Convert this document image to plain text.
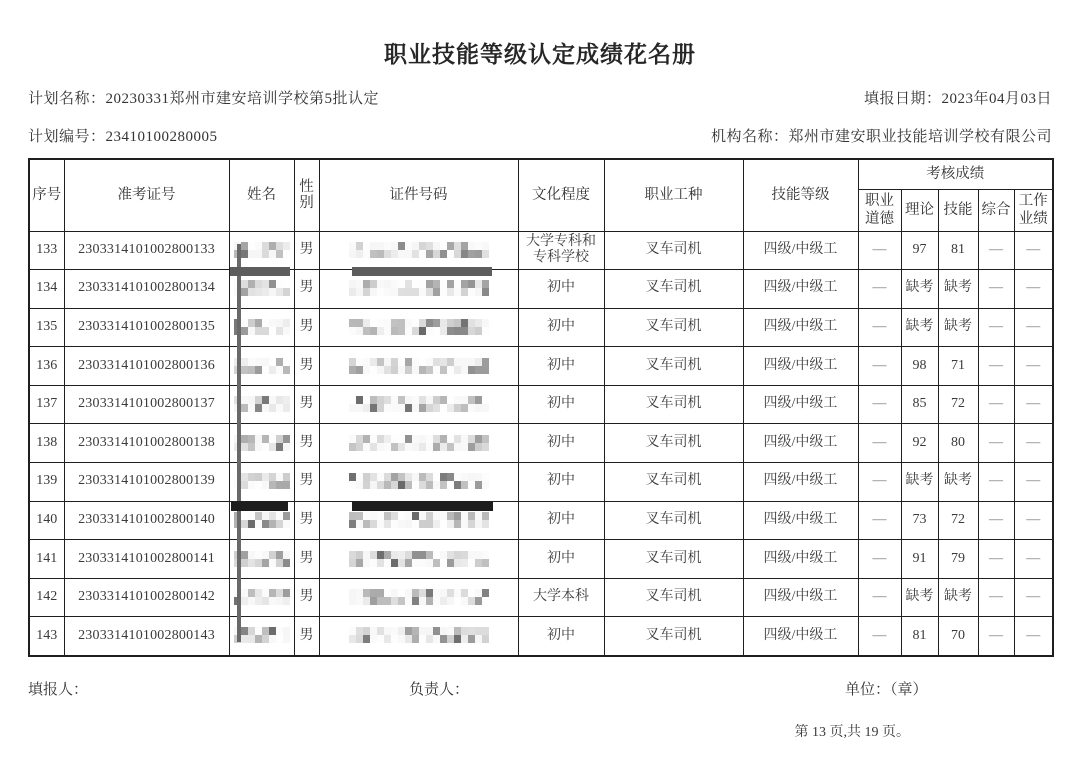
职业技能等级认定成绩花名册
计划名称：20230331郑州市建安培训学校第5批认定	填报日期：2023年04月03日
计划编号：23410100280005	机构名称：郑州市建安职业技能培训学校有限公司
序号	准考证号	姓名	性别	证件号码	文化程度	职业工种	技能等级	考核成绩				
								职业道德	理论	技能	综合	工作业绩
133	2303314101002800133		男		大学专科和专科学校	叉车司机	四级/中级工	—	97	81	—	—
134	2303314101002800134		男		初中	叉车司机	四级/中级工	—	缺考	缺考	—	—
135	2303314101002800135		男		初中	叉车司机	四级/中级工	—	缺考	缺考	—	—
136	2303314101002800136		男		初中	叉车司机	四级/中级工	—	98	71	—	—
137	2303314101002800137		男		初中	叉车司机	四级/中级工	—	85	72	—	—
138	2303314101002800138		男		初中	叉车司机	四级/中级工	—	92	80	—	—
139	2303314101002800139		男		初中	叉车司机	四级/中级工	—	缺考	缺考	—	—
140	2303314101002800140		男		初中	叉车司机	四级/中级工	—	73	72	—	—
141	2303314101002800141		男		初中	叉车司机	四级/中级工	—	91	79	—	—
142	2303314101002800142		男		大学本科	叉车司机	四级/中级工	—	缺考	缺考	—	—
143	2303314101002800143		男		初中	叉车司机	四级/中级工	—	81	70	—	—
填报人：	负责人：	单位：（章）
第 13 页,共 19 页。
